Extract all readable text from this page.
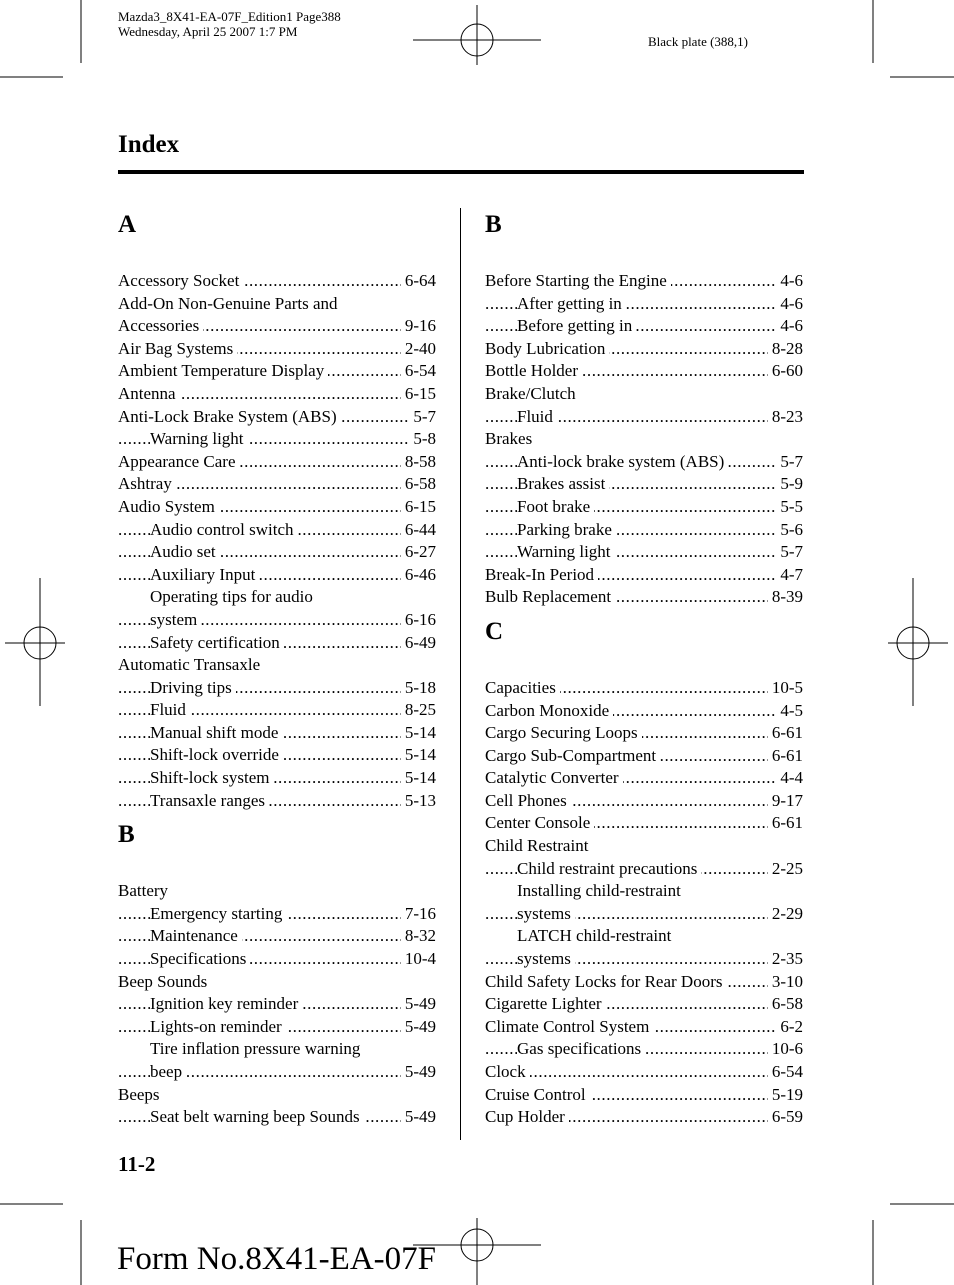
Mazda3_8X41-EA-07F_Edition1 Page388
Wednesday, April 25 2007 1:7 PM
Black plate (388,1)
Index
A
Accessory Socket	6-64
.....
Add-On Non-Genuine Parts and
Accessories	9-16
.....
Air Bag Systems	2-40
.....
Ambient Temperature Display	6-54
.....
Antenna	6-15
.....
Anti-Lock Brake System (ABS)	5-7
.....
Warning light	5-8
.....
Appearance Care	8-58
.....
Ashtray	6-58
.....
Audio System	6-15
.....
Audio control switch	6-44
.....
Audio set	6-27
.....
Auxiliary Input	6-46
.....
Operating tips for audio
system	6-16
.....
Safety certification	6-49
.....
Automatic Transaxle
Driving tips	5-18
.....
Fluid	8-25
.....
Manual shift mode	5-14
.....
Shift-lock override	5-14
.....
Shift-lock system	5-14
.....
Transaxle ranges	5-13
.....
B
Battery
Emergency starting	7-16
.....
Maintenance	8-32
.....
Specifications	10-4
.....
Beep Sounds
Ignition key reminder	5-49
.....
Lights-on reminder	5-49
.....
Tire inflation pressure warning
beep	5-49
.....
Beeps
Seat belt warning beep Sounds	5-49
.....
B
Before Starting the Engine	4-6
.....
After getting in	4-6
.....
Before getting in	4-6
.....
Body Lubrication	8-28
.....
Bottle Holder	6-60
.....
Brake/Clutch
Fluid	8-23
.....
Brakes
Anti-lock brake system (ABS)	5-7
.....
Brakes assist	5-9
.....
Foot brake	5-5
.....
Parking brake	5-6
.....
Warning light	5-7
.....
Break-In Period	4-7
.....
Bulb Replacement	8-39
.....
C
Capacities	10-5
.....
Carbon Monoxide	4-5
.....
Cargo Securing Loops	6-61
.....
Cargo Sub-Compartment	6-61
.....
Catalytic Converter	4-4
.....
Cell Phones	9-17
.....
Center Console	6-61
.....
Child Restraint
Child restraint precautions	2-25
.....
Installing child-restraint
systems	2-29
.....
LATCH child-restraint
systems	2-35
.....
Child Safety Locks for Rear Doors	3-10
.....
Cigarette Lighter	6-58
.....
Climate Control System	6-2
.....
Gas specifications	10-6
.....
Clock	6-54
.....
Cruise Control	5-19
.....
Cup Holder	6-59
.....
11-2
Form No.8X41-EA-07F
